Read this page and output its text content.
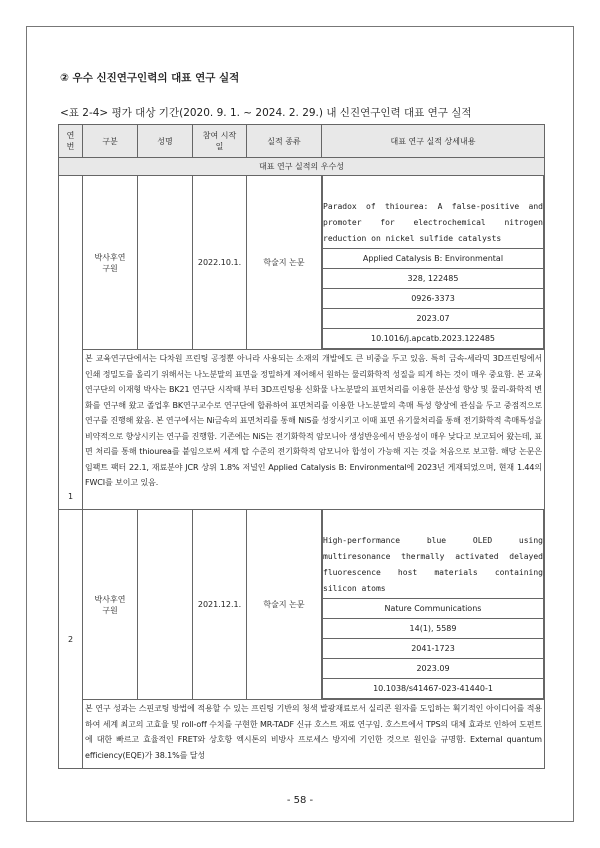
② 우수 신진연구인력의 대표 연구 실적
<표 2-4> 평가 대상 기간(2020. 9. 1. ~ 2024. 2. 29.) 내 신진연구인력 대표 연구 실적
연번	구분	성명	참여 시작일	실적 종류	대표 연구 실적 상세내용
대표 연구 실적의 우수성
1	박사후연구원		2022.10.1.	학술지 논문	
Paradox of thiourea: A false-positive and promoter for electrochemical nitrogen reduction on nickel sulfide catalysts
Applied Catalysis B: Environmental
328, 122485
0926-3373
2023.07
10.1016/j.apcatb.2023.122485

본 교육연구단에서는 다차원 프린팅 공정뿐 아니라 사용되는 소재의 개발에도 큰 비중을 두고 있음. 특히 금속-세라믹 3D프린팅에서 인쇄 정밀도를 올리기 위해서는 나노분말의 표면을 정밀하게 제어해서 원하는 물리화학적 성질을 띄게 하는 것이 매우 중요함. 본 교육연구단의 이재형 박사는 BK21 연구단 시작때 부터 3D프린팅용 신화물 나노분말의 표면처리를 이용한 분산성 향상 및 물리-화학적 변화를 연구해 왔고 졸업후 BK연구교수로 연구단에 합류하여 표면처리를 이용한 나노분말의 촉매 특성 향상에 관심을 두고 중점적으로 연구를 진행해 왔음. 본 연구에서는 Ni금속의 표면처리를 통해 NiS를 성장시키고 이때 표면 유기물처리를 통해 전기화학적 촉매특성을 비약적으로 향상시키는 연구를 진행함. 기존에는 NiS는 전기화학적 암모니아 생성반응에서 반응성이 매우 낮다고 보고되어 왔는데, 표면 처리를 통해 thiourea를 붙임으로써 세계 탑 수준의 전기화학적 암모니아 합성이 가능해 지는 것을 처음으로 보고함. 해당 논문은 임팩트 팩터 22.1, 재료분야 JCR 상위 1.8% 저널인 Applied Catalysis B: Environmental에 2023년 게재되었으며, 현재 1.44의 FWCI를 보이고 있음.
2	박사후연구원		2021.12.1.	학술지 논문	
High-performance blue OLED using multiresonance thermally activated delayed fluorescence host materials containing silicon atoms
Nature Communications
14(1), 5589
2041-1723
2023.09
10.1038/s41467-023-41440-1

본 연구 성과는 스핀코팅 방법에 적용할 수 있는 프린팅 기반의 청색 발광재료로서 실리콘 원자를 도입하는 획기적인 아이디어를 적용하여 세계 최고의 고효율 및 roll-off 수치를 구현한 MR-TADF 신규 호스트 재료 연구임. 호스트에서 TPS의 대체 효과로 인하여 도펀트에 대한 빠르고 효율적인 FRET와 상호항 엑시톤의 비방사 프로세스 방지에 기인한 것으로 원인을 규명함. External quantum efficiency(EQE)가 38.1%를 달성
- 58 -
